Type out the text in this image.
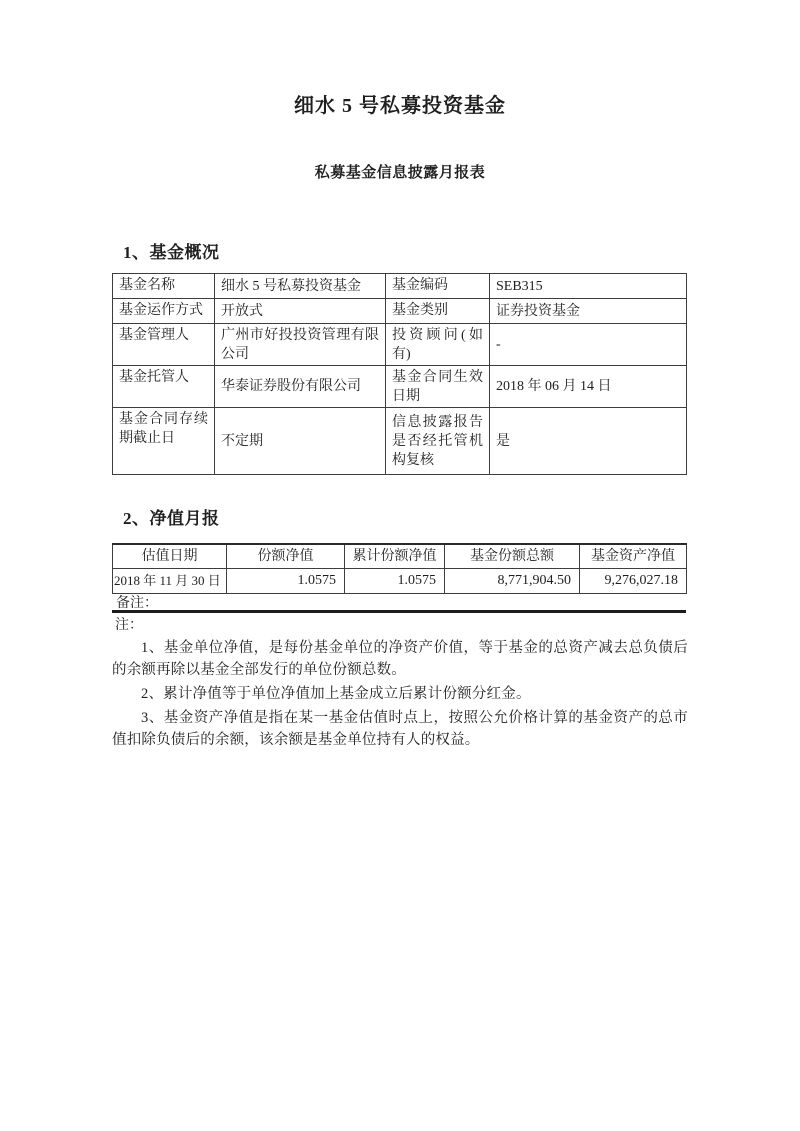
细水 5 号私募投资基金
私募基金信息披露月报表
1、基金概况
基金名称	细水 5 号私募投资基金	基金编码	SEB315
基金运作方式	开放式	基金类别	证券投资基金
基金管理人	广州市好投投资管理有限公司	投资顾问(如有)	-
基金托管人	华泰证券股份有限公司	基金合同生效日期	2018 年 06 月 14 日
基金合同存续期截止日	不定期	信息披露报告是否经托管机构复核	是
2、净值月报
估值日期	份额净值	累计份额净值	基金份额总额	基金资产净值
2018 年 11 月 30 日	1.0575	1.0575	8,771,904.50	9,276,027.18
备注：
注：

1、基金单位净值，是每份基金单位的净资产价值，等于基金的总资产减去总负债后的余额再除以基金全部发行的单位份额总数。

2、累计净值等于单位净值加上基金成立后累计份额分红金。

3、基金资产净值是指在某一基金估值时点上，按照公允价格计算的基金资产的总市值扣除负债后的余额，该余额是基金单位持有人的权益。
